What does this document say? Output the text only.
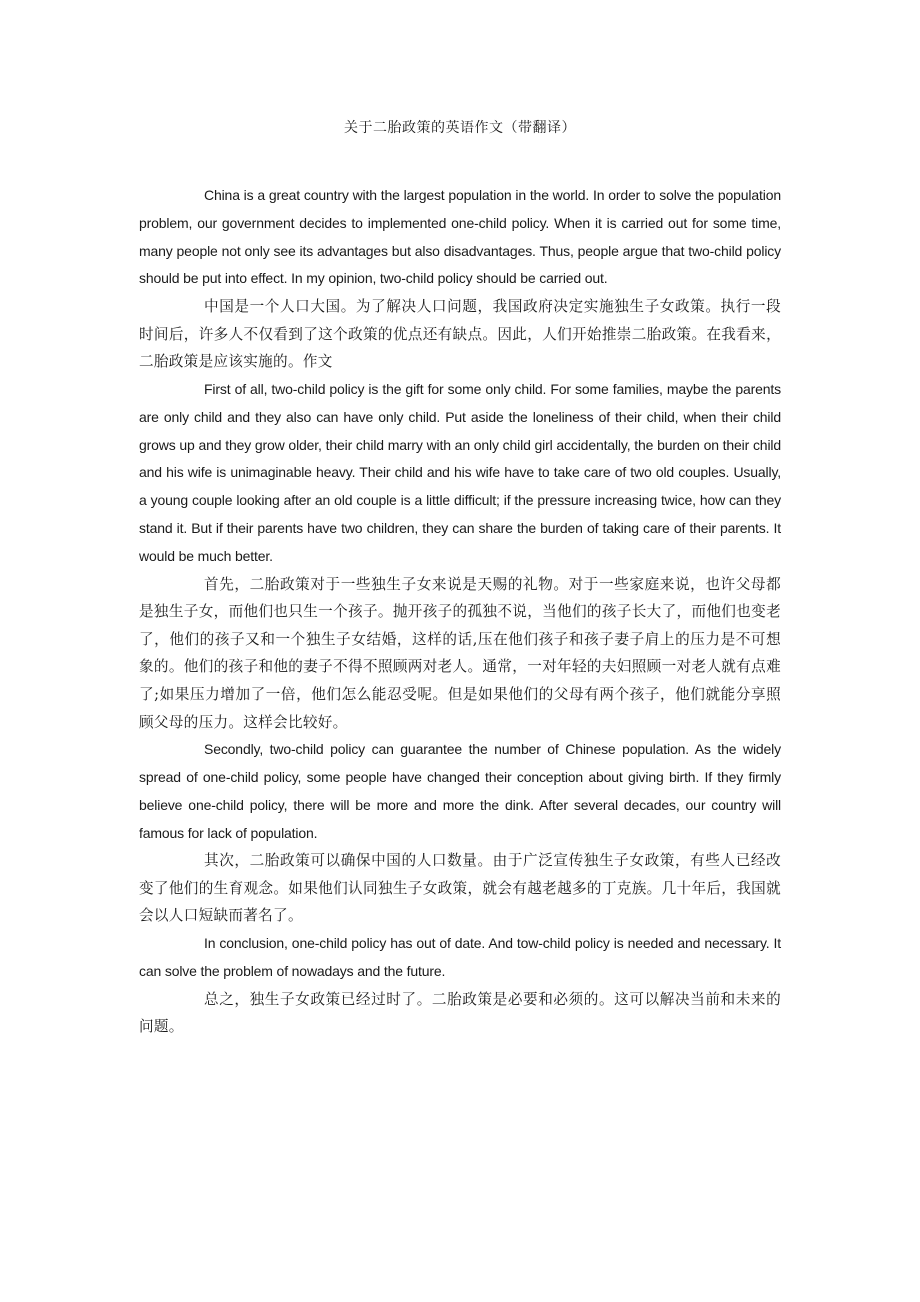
关于二胎政策的英语作文（带翻译）

China is a great country with the largest population in the world. In order to solve the population problem, our government decides to implemented one-child policy. When it is carried out for some time, many people not only see its advantages but also disadvantages. Thus, people argue that two-child policy should be put into effect. In my opinion, two-child policy should be carried out.

中国是一个人口大国。为了解决人口问题，我国政府决定实施独生子女政策。执行一段时间后，许多人不仅看到了这个政策的优点还有缺点。因此，人们开始推崇二胎政策。在我看来，二胎政策是应该实施的。作文

First of all, two-child policy is the gift for some only child. For some families, maybe the parents are only child and they also can have only child. Put aside the loneliness of their child, when their child grows up and they grow older, their child marry with an only child girl accidentally, the burden on their child and his wife is unimaginable heavy. Their child and his wife have to take care of two old couples. Usually, a young couple looking after an old couple is a little difficult; if the pressure increasing twice, how can they stand it. But if their parents have two children, they can share the burden of taking care of their parents. It would be much better.

首先，二胎政策对于一些独生子女来说是天赐的礼物。对于一些家庭来说，也许父母都是独生子女，而他们也只生一个孩子。抛开孩子的孤独不说，当他们的孩子长大了，而他们也变老了，他们的孩子又和一个独生子女结婚，这样的话,压在他们孩子和孩子妻子肩上的压力是不可想象的。他们的孩子和他的妻子不得不照顾两对老人。通常，一对年轻的夫妇照顾一对老人就有点难了;如果压力增加了一倍，他们怎么能忍受呢。但是如果他们的父母有两个孩子，他们就能分享照顾父母的压力。这样会比较好。

Secondly, two-child policy can guarantee the number of Chinese population. As the widely spread of one-child policy, some people have changed their conception about giving birth. If they firmly believe one-child policy, there will be more and more the dink. After several decades, our country will famous for lack of population.

其次，二胎政策可以确保中国的人口数量。由于广泛宣传独生子女政策，有些人已经改变了他们的生育观念。如果他们认同独生子女政策，就会有越老越多的丁克族。几十年后，我国就会以人口短缺而著名了。

In conclusion, one-child policy has out of date. And tow-child policy is needed and necessary. It can solve the problem of nowadays and the future.

总之，独生子女政策已经过时了。二胎政策是必要和必须的。这可以解决当前和未来的问题。
